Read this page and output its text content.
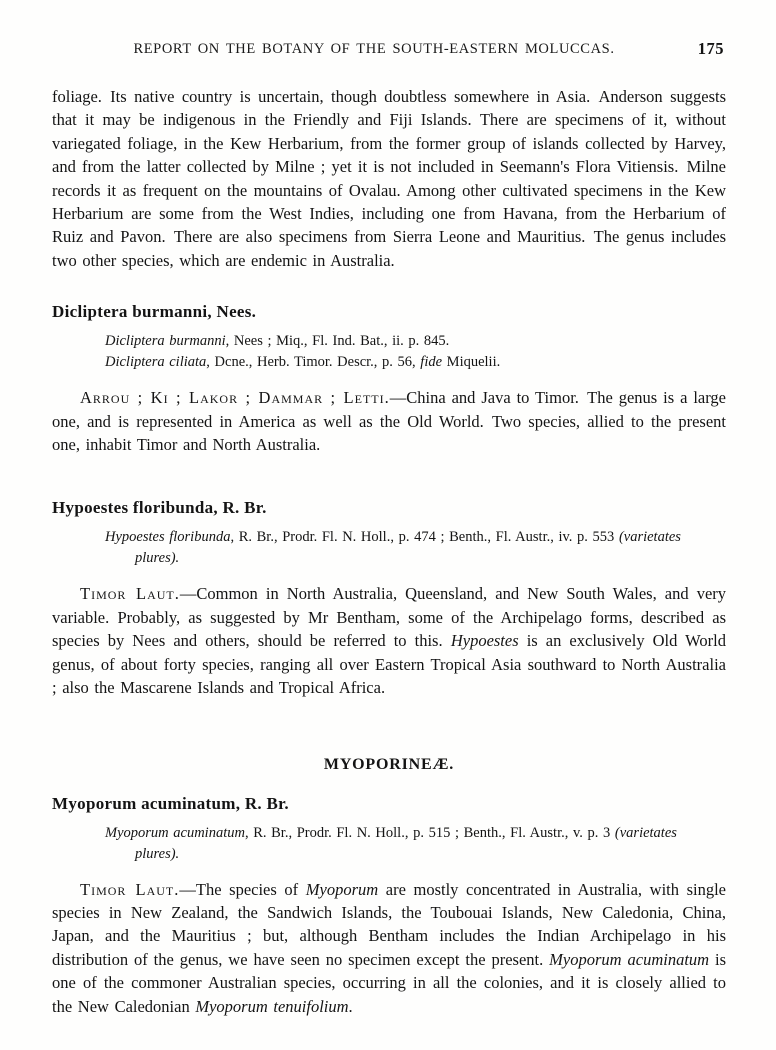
REPORT ON THE BOTANY OF THE SOUTH-EASTERN MOLUCCAS.	175

foliage. Its native country is uncertain, though doubtless somewhere in Asia. Anderson suggests that it may be indigenous in the Friendly and Fiji Islands. There are specimens of it, without variegated foliage, in the Kew Herbarium, from the former group of islands collected by Harvey, and from the latter collected by Milne ; yet it is not included in Seemann's Flora Vitiensis. Milne records it as frequent on the mountains of Ovalau. Among other cultivated specimens in the Kew Herbarium are some from the West Indies, including one from Havana, from the Herbarium of Ruiz and Pavon. There are also specimens from Sierra Leone and Mauritius. The genus includes two other species, which are endemic in Australia.

Dicliptera burmanni, Nees.

Dicliptera burmanni, Nees ; Miq., Fl. Ind. Bat., ii. p. 845.

Dicliptera ciliata, Dcne., Herb. Timor. Descr., p. 56, fide Miquelii.

Arrou ; Ki ; Lakor ; Dammar ; Letti.—China and Java to Timor. The genus is a large one, and is represented in America as well as the Old World. Two species, allied to the present one, inhabit Timor and North Australia.

Hypoestes floribunda, R. Br.

Hypoestes floribunda, R. Br., Prodr. Fl. N. Holl., p. 474 ; Benth., Fl. Austr., iv. p. 553 (varietates plures).

Timor Laut.—Common in North Australia, Queensland, and New South Wales, and very variable. Probably, as suggested by Mr Bentham, some of the Archipelago forms, described as species by Nees and others, should be referred to this. Hypoestes is an exclusively Old World genus, of about forty species, ranging all over Eastern Tropical Asia southward to North Australia ; also the Mascarene Islands and Tropical Africa.

MYOPORINEÆ.
Myoporum acuminatum, R. Br.

Myoporum acuminatum, R. Br., Prodr. Fl. N. Holl., p. 515 ; Benth., Fl. Austr., v. p. 3 (varietates plures).

Timor Laut.—The species of Myoporum are mostly concentrated in Australia, with single species in New Zealand, the Sandwich Islands, the Toubouai Islands, New Caledonia, China, Japan, and the Mauritius ; but, although Bentham includes the Indian Archipelago in his distribution of the genus, we have seen no specimen except the present. Myoporum acuminatum is one of the commoner Australian species, occurring in all the colonies, and it is closely allied to the New Caledonian Myoporum tenuifolium.
